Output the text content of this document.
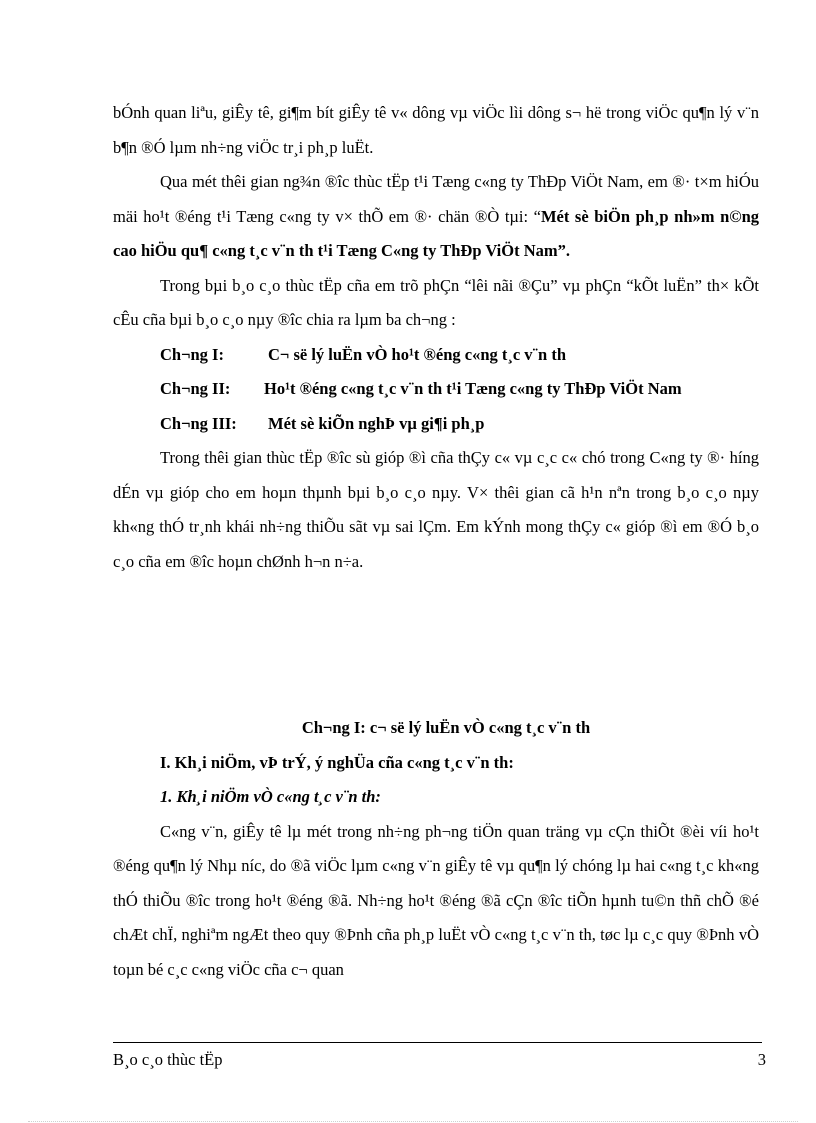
bÓnh quan liªu, giÊy tê, gi¶m bít giÊy tê v« dông vµ viÖc lìi dông s¬ hë trong viÖc qu¶n lý v¨n b¶n ®Ó lµm nh÷ng viÖc tr¸i ph¸p luËt.

Qua mét thêi gian ng¾n ®îc thùc tËp t¹i Tæng c«ng ty ThÐp ViÖt Nam, em ®· t×m hiÓu mäi ho¹t ®éng t¹i Tæng c«ng ty v× thÕ em ®· chän ®Ò tµi: “Mét sè biÖn ph¸p nh»m n©ng cao hiÖu qu¶ c«ng t¸c v¨n th t¹i Tæng C«ng ty ThÐp ViÖt Nam”.

Trong bµi b¸o c¸o thùc tËp cña em trõ phÇn “lêi nãi ®Çu” vµ phÇn “kÕt luËn” th× kÕt cÊu cña bµi b¸o c¸o nµy ®îc chia ra lµm ba ch¬ng :

Ch¬ng I:	C¬ së lý luËn vÒ ho¹t ®éng c«ng t¸c v¨n th
Ch¬ng II: Ho¹t ®éng c«ng t¸c v¨n th t¹i Tæng c«ng ty ThÐp ViÖt Nam
Ch¬ng III: Mét sè kiÕn nghÞ vµ gi¶i ph¸p

Trong thêi gian thùc tËp ®îc sù gióp ®ì cña thÇy c« vµ c¸c c« chó trong C«ng ty ®· híng dÉn vµ gióp cho em hoµn thµnh bµi b¸o c¸o nµy. V× thêi gian cã h¹n nªn trong b¸o c¸o nµy kh«ng thÓ tr¸nh khái nh÷ng thiÕu sãt vµ sai lÇm. Em kÝnh mong thÇy c« gióp ®ì em ®Ó b¸o c¸o cña em ®îc hoµn chØnh h¬n n÷a.

Ch¬ng I: c¬ së lý luËn vÒ c«ng t¸c v¨n th

I. Kh¸i niÖm, vÞ trÝ, ý nghÜa cña c«ng t¸c v¨n th:

1. Kh¸i niÖm vÒ c«ng t¸c v¨n th:

C«ng v¨n, giÊy tê lµ mét trong nh÷ng ph¬ng tiÖn quan träng vµ cÇn thiÕt ®èi víi ho¹t ®éng qu¶n lý Nhµ níc, do ®ã viÖc lµm c«ng v¨n giÊy tê vµ qu¶n lý chóng lµ hai c«ng t¸c kh«ng thÓ thiÕu ®îc trong ho¹t ®éng ®ã. Nh÷ng ho¹t ®éng ®ã cÇn ®îc tiÕn hµnh tu©n thñ chÕ ®é chÆt chÏ, nghiªm ngÆt theo quy ®Þnh cña ph¸p luËt vÒ c«ng t¸c v¨n th, tøc lµ c¸c quy ®Þnh vÒ toµn bé c¸c c«ng viÖc cña c¬ quan

B¸o c¸o thùc tËp	3
